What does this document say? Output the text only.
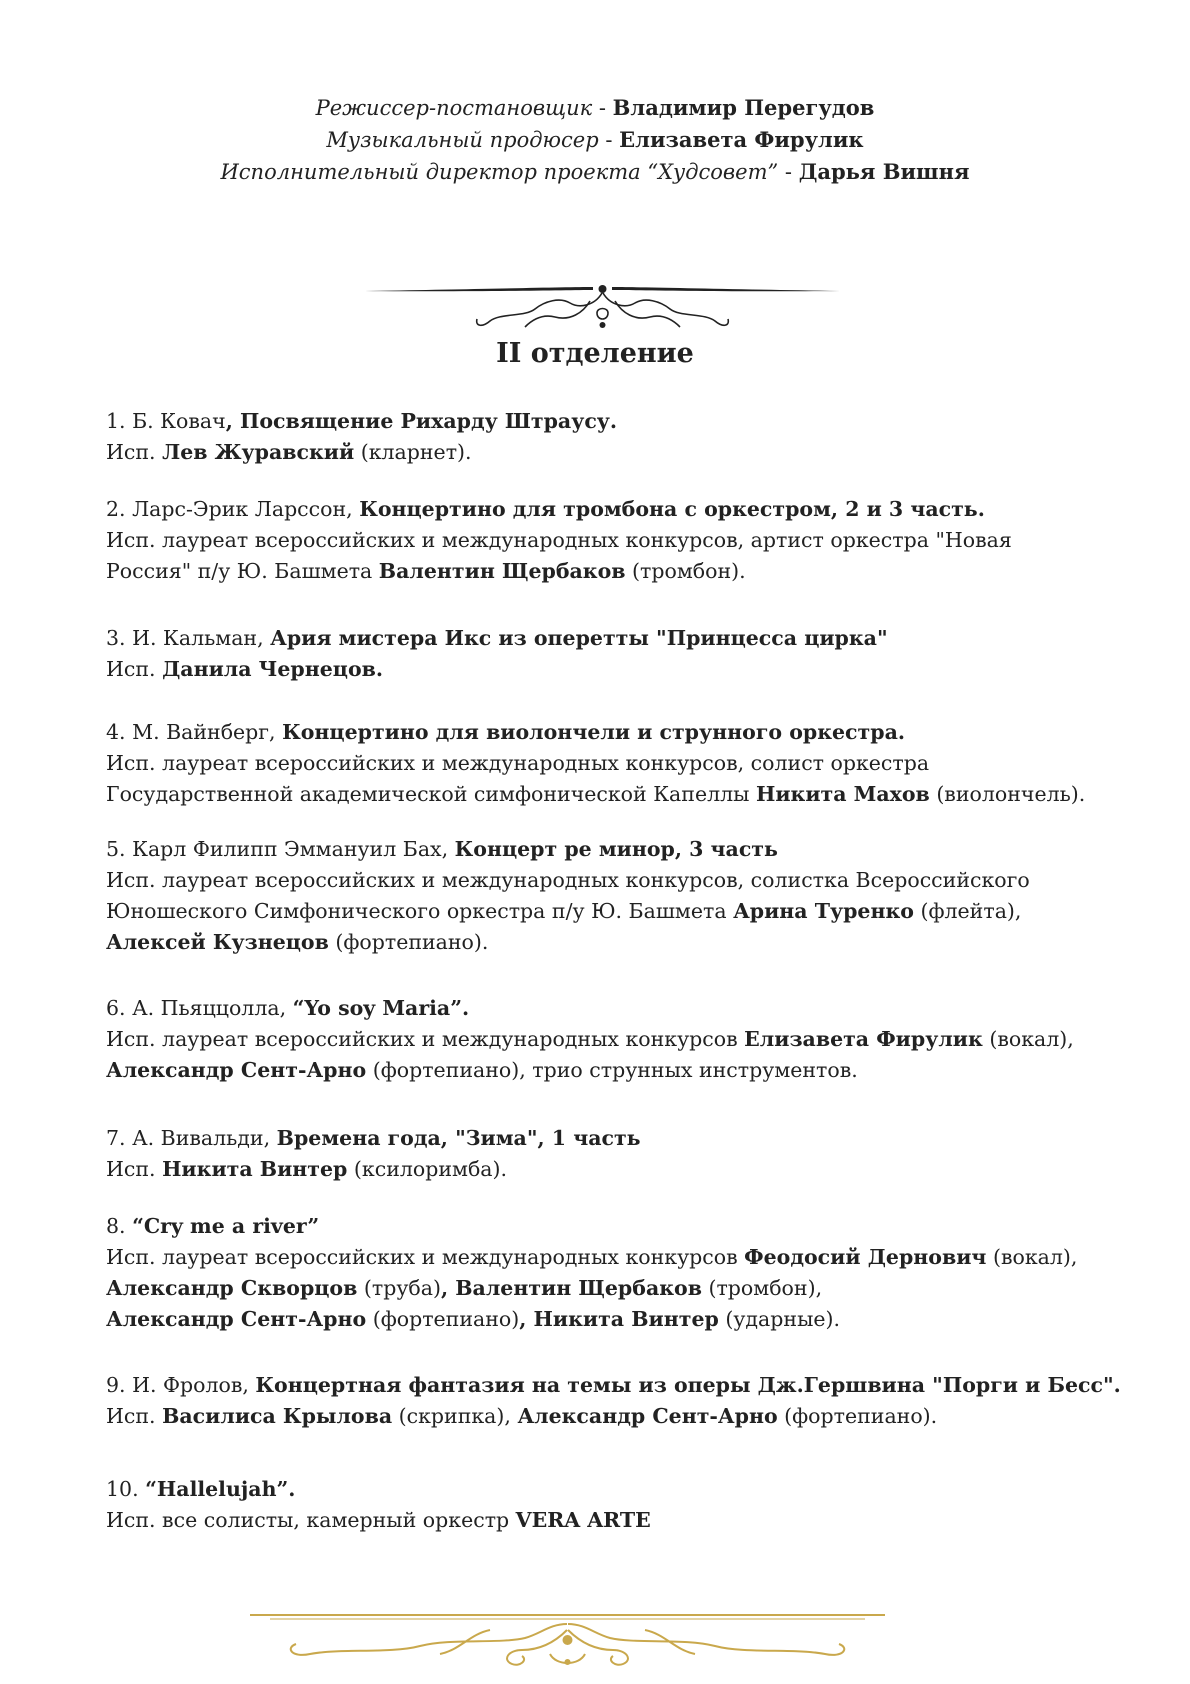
Режиссер-постановщик - Владимир Перегудов
Музыкальный продюсер - Елизавета Фирулик
Исполнительный директор проекта “Худсовет” - Дарья Вишня
II отделение

1. Б. Ковач, Посвящение Рихарду Штраусу.

Исп. Лев Журавский (кларнет).

2. Ларс-Эрик Ларссон, Концертино для тромбона с оркестром, 2 и 3 часть.

Исп. лауреат всероссийских и международных конкурсов, артист оркестра "Новая

Россия" п/у Ю. Башмета Валентин Щербаков (тромбон).

3. И. Кальман, Ария мистера Икс из оперетты "Принцесса цирка"

Исп. Данила Чернецов.

4. М. Вайнберг, Концертино для виолончели и струнного оркестра.

Исп. лауреат всероссийских и международных конкурсов, солист оркестра

Государственной академической симфонической Капеллы Никита Махов (виолончель).

5. Карл Филипп Эммануил Бах, Концерт ре минор, 3 часть

Исп. лауреат всероссийских и международных конкурсов, солистка Всероссийского

Юношеского Симфонического оркестра п/у Ю. Башмета Арина Туренко (флейта),

Алексей Кузнецов (фортепиано).

6. А. Пьяццолла, “Yo soy Maria”.

Исп. лауреат всероссийских и международных конкурсов Елизавета Фирулик (вокал),

Александр Сент-Арно (фортепиано), трио струнных инструментов.

7. А. Вивальди, Времена года, "Зима", 1 часть

Исп. Никита Винтер (ксилоримба).

8. “Cry me a river”

Исп. лауреат всероссийских и международных конкурсов Феодосий Дернович (вокал),

Александр Скворцов (труба), Валентин Щербаков (тромбон),

Александр Сент-Арно (фортепиано), Никита Винтер (ударные).

9. И. Фролов, Концертная фантазия на темы из оперы Дж.Гершвина "Порги и Бесс".

Исп. Василиса Крылова (скрипка), Александр Сент-Арно (фортепиано).

10. “Hallelujah”.

Исп. все солисты, камерный оркестр VERA ARTE
